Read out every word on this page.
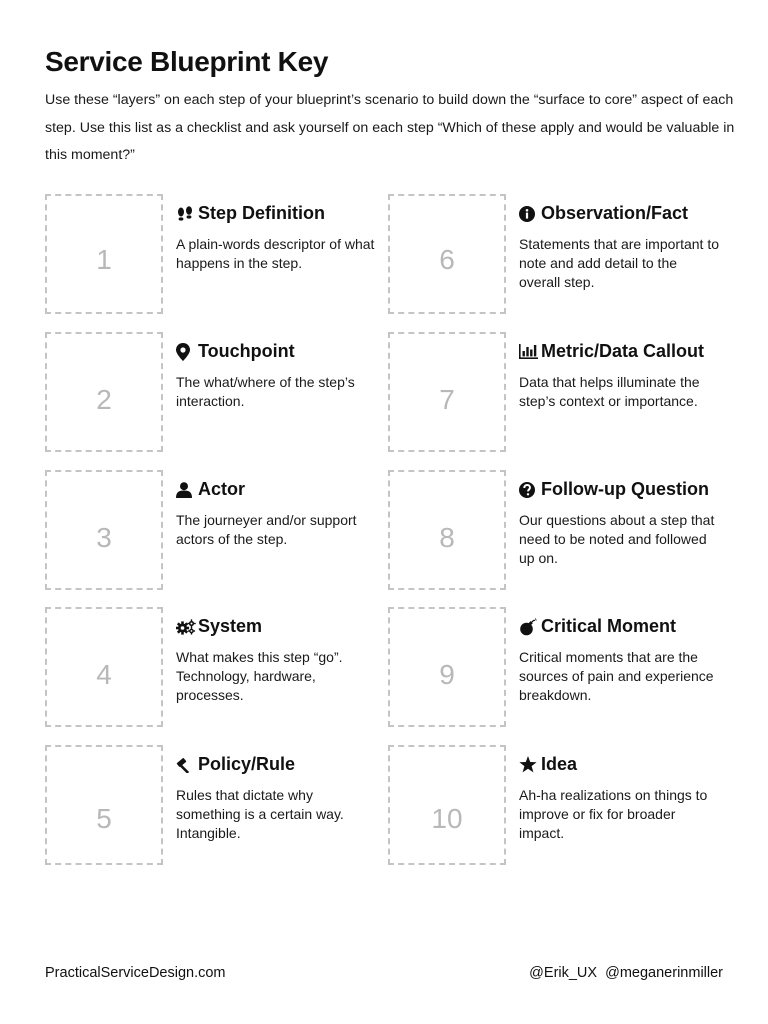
Service Blueprint Key

Use these “layers” on each step of your blueprint’s scenario to build down the “surface to core” aspect of each step. Use this list as a checklist and ask yourself on each step “Which of these apply and would be valuable in this moment?”

1
Step Definition

A plain-words descriptor of what happens in the step.

2
Touchpoint

The what/where of the step’s interaction.

3
Actor

The journeyer and/or support actors of the step.

4
System

What makes this step “go”. Technology, hardware, processes.

5
Policy/Rule

Rules that dictate why something is a certain way. Intangible.

6
Observation/Fact

Statements that are important to note and add detail to the overall step.

7
Metric/Data Callout

Data that helps illuminate the step’s context or importance.

8
Follow-up Question

Our questions about a step that need to be noted and followed up on.

9
Critical Moment

Critical moments that are the sources of pain and experience breakdown.

10
Idea

Ah-ha realizations on things to improve or fix for broader impact.

PracticalServiceDesign.com	@Erik_UX  @meganerinmiller
